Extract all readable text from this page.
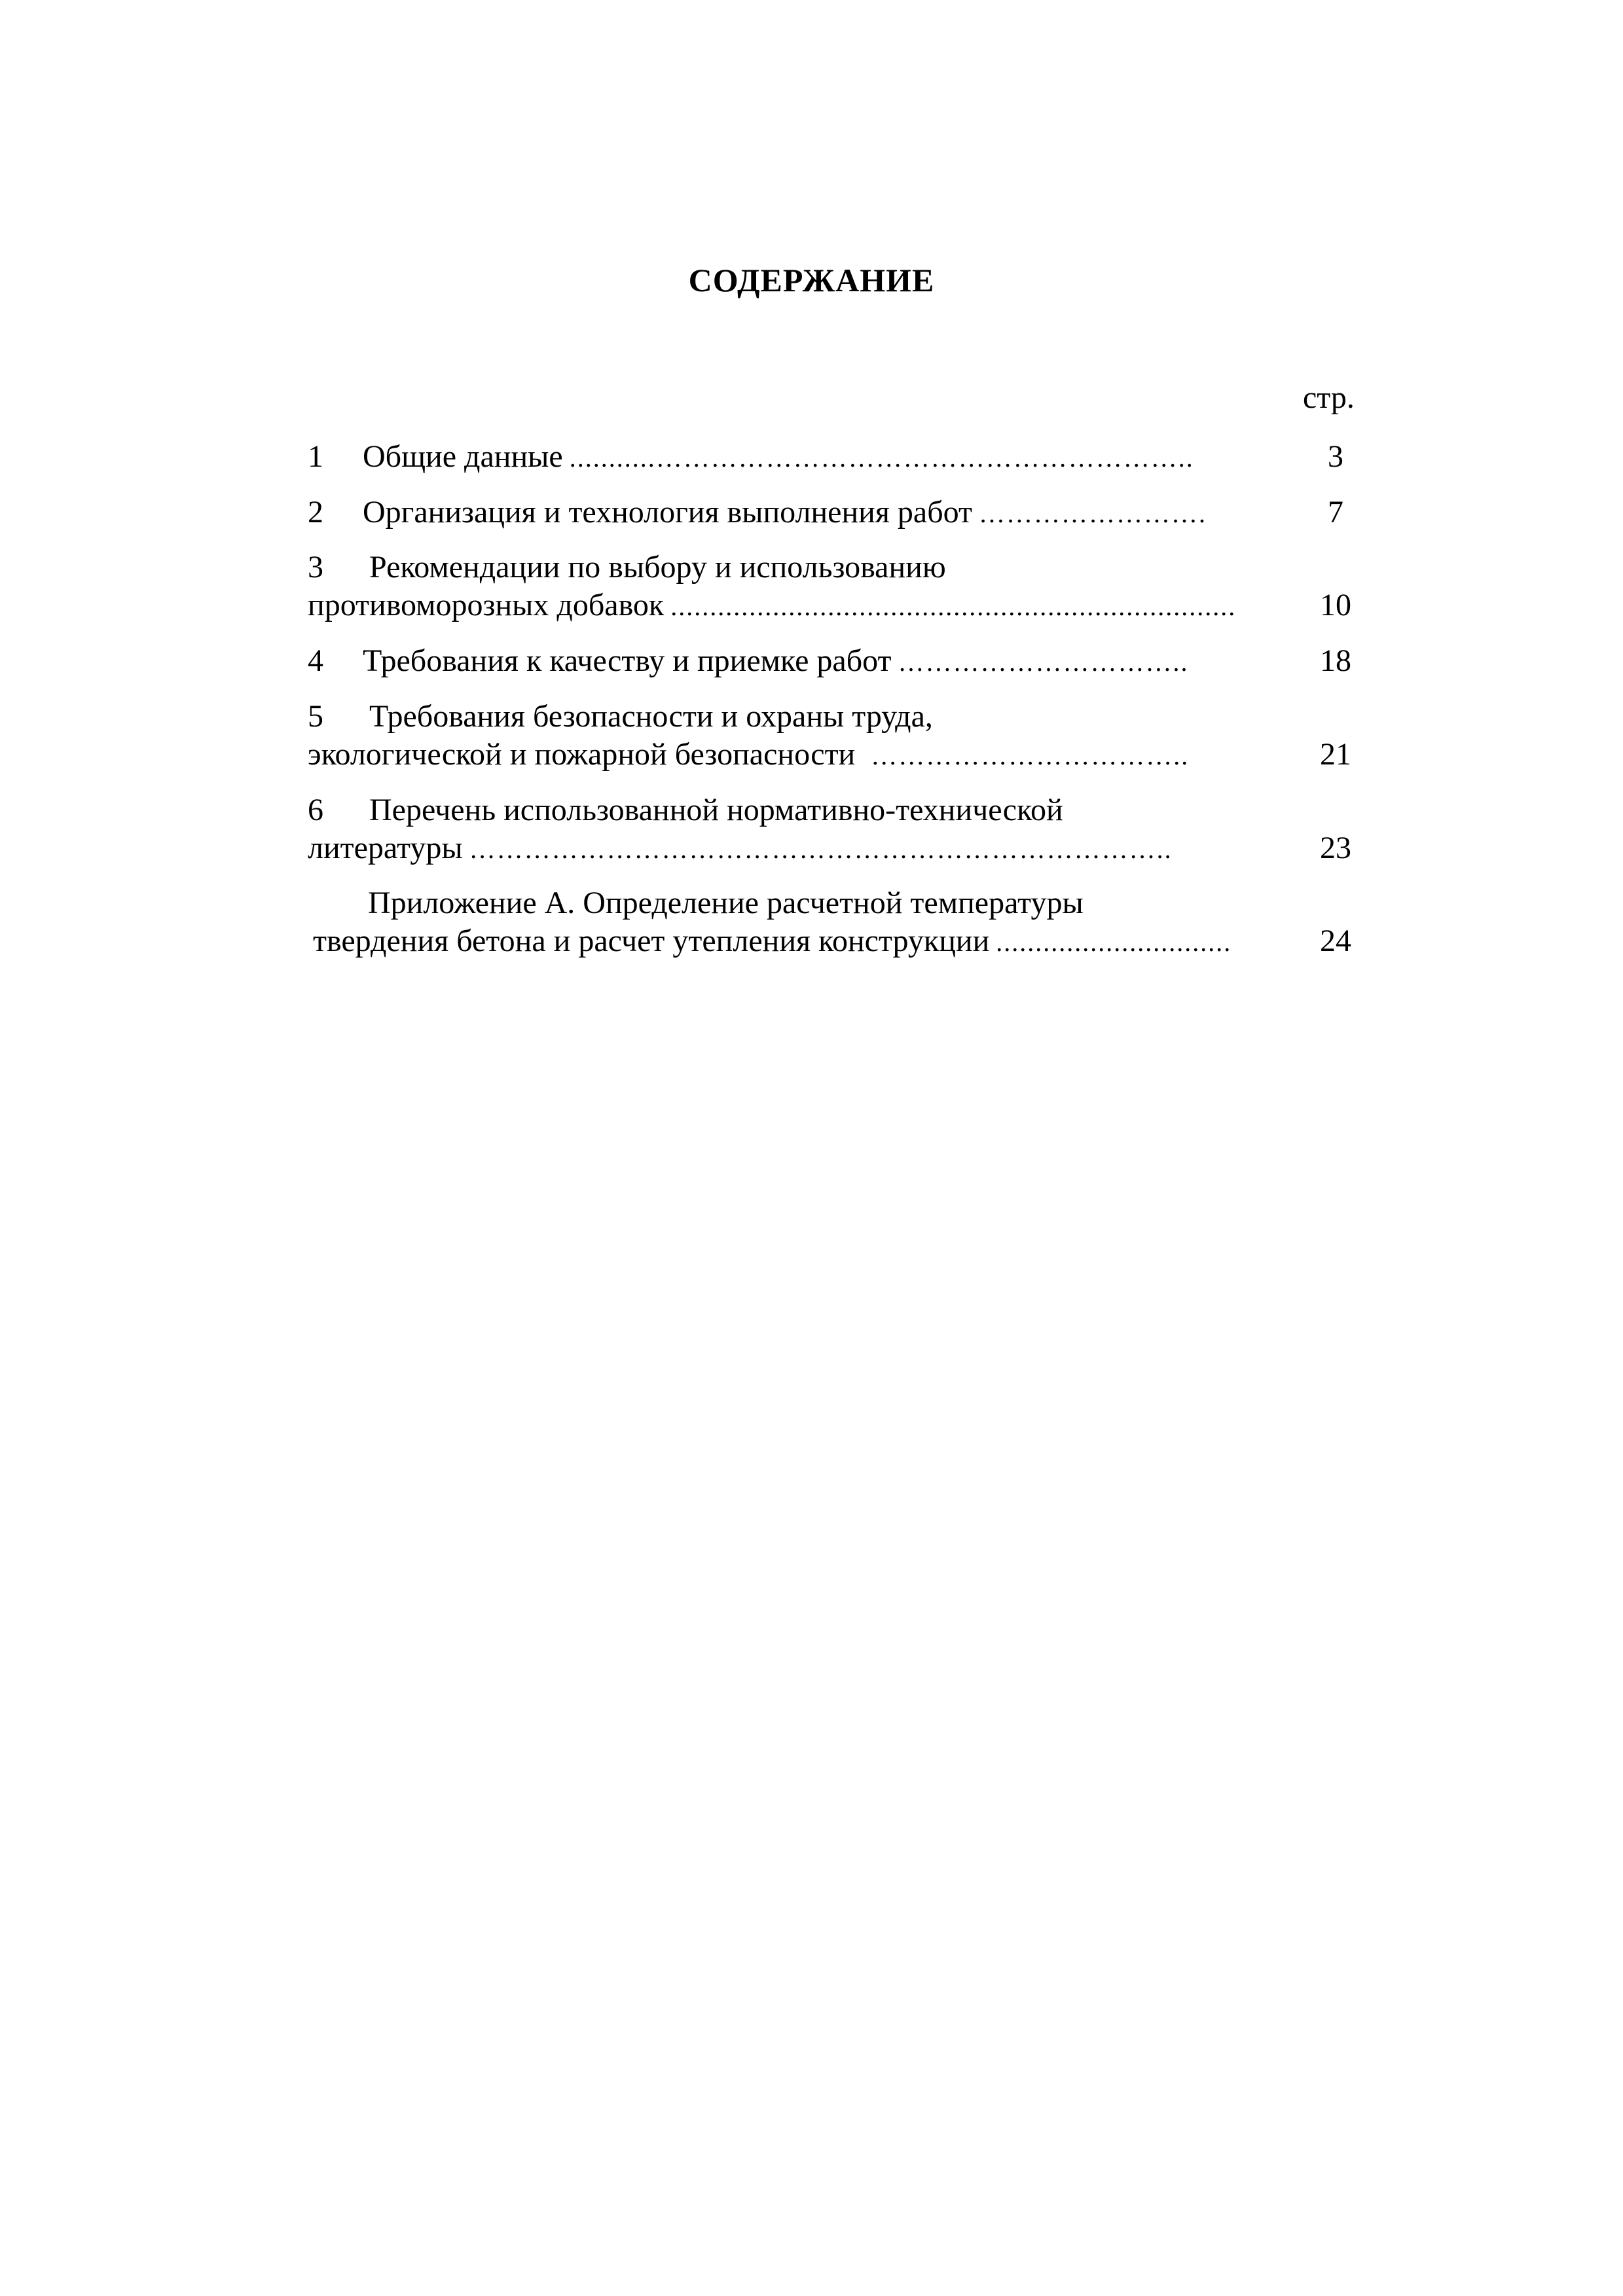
СОДЕРЖАНИЕ
стр.
1	Общие данные ...........…………………………………………………..	3
2	Организация и технология выполнения работ …………………….	7
3	Рекомендации по выбору и использованию
противоморозных добавок ........................................................................	10
4	Требования к качеству и приемке работ …………………………..	18
5	Требования безопасности и охраны труда,
экологической и пожарной безопасности ……………………………..	21
6	Перечень использованной нормативно-технической
литературы …………………………………………………………………..	23
Приложение А. Определение расчетной температуры
твердения бетона и расчет утепления конструкции ..............................	24
